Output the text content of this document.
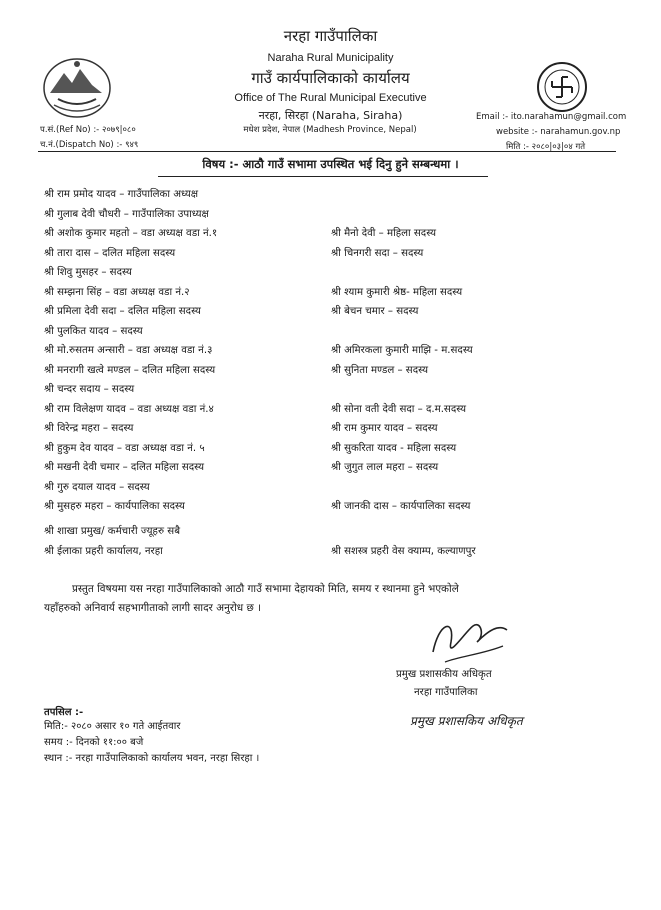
नरहा गाउँपालिका
Naraha Rural Municipality
गाउँ कार्यपालिकाको कार्यालय
Office of The Rural Municipal Executive
नरहा, सिरहा (Naraha, Siraha)
मधेश प्रदेश, नेपाल (Madhesh Province, Nepal)
प.सं.(Ref No) :- २०७९|०८०
च.नं.(Dispatch No) :- ९४९
Email :- ito.narahamun@gmail.com
website :- narahamun.gov.np
मिति :- २०८०|०३|०४ गते
विषय :- आठौ गाउँ सभामा उपस्थित भई दिनु हुने सम्बन्धमा ।
श्री राम प्रमोद यादव – गाउँपालिका अध्यक्ष
श्री गुलाब देवी चौधरी – गाउँपालिका उपाध्यक्ष
श्री अशोक कुमार महतो – वडा अध्यक्ष वडा नं.१	श्री मैनो देवी – महिला सदस्य
श्री तारा दास – दलित महिला सदस्य	श्री चिनगरी सदा – सदस्य
श्री शिवु मुसहर – सदस्य
श्री सम्झना सिंह – वडा अध्यक्ष वडा नं.२	श्री श्याम कुमारी श्रेष्ठ- महिला सदस्य
श्री प्रमिला देवी सदा – दलित महिला सदस्य	श्री बेचन चमार – सदस्य
श्री पुलकित यादव – सदस्य
श्री मो.रुसतम अन्सारी – वडा अध्यक्ष वडा नं.३	श्री अमिरकला कुमारी माझि - म.सदस्य
श्री मनरागी खत्वे मण्डल – दलित महिला सदस्य	श्री सुनिता मण्डल – सदस्य
श्री चन्दर सदाय – सदस्य
श्री राम विलेक्षण यादव – वडा अध्यक्ष वडा नं.४	श्री सोना वती देवी सदा – द.म.सदस्य
श्री विरेन्द्र महरा – सदस्य	श्री राम कुमार यादव – सदस्य
श्री हुकुम देव यादव – वडा अध्यक्ष वडा नं. ५	श्री सुकरिता यादव - महिला सदस्य
श्री मखनी देवी चमार – दलित महिला सदस्य	श्री जुगुत लाल महरा – सदस्य
श्री गुरु दयाल यादव – सदस्य
श्री मुसहरु महरा – कार्यपालिका सदस्य	श्री जानकी दास – कार्यपालिका सदस्य
श्री शाखा प्रमुख/ कर्मचारी ज्यूहरु सबै
श्री ईलाका प्रहरी कार्यालय, नरहा	श्री सशस्त्र प्रहरी वेस क्याम्प, कल्याणपुर
प्रस्तुत विषयमा यस नरहा गाउँपालिकाको आठौ गाउँ सभामा देहायको मिति, समय र स्थानमा हुने भएकोले
यहाँहरुको अनिवार्य सहभागीताको लागी सादर अनुरोध छ ।
प्रमुख प्रशासकीय अधिकृत
नरहा गाउँपालिका
प्रमुख प्रशासकिय अधिकृत
तपसिल :-
मिति:- २०८० असार १० गते आईतवार
समय :- दिनको ११:०० बजे
स्थान :- नरहा गाउँपालिकाको कार्यालय भवन, नरहा सिरहा ।
